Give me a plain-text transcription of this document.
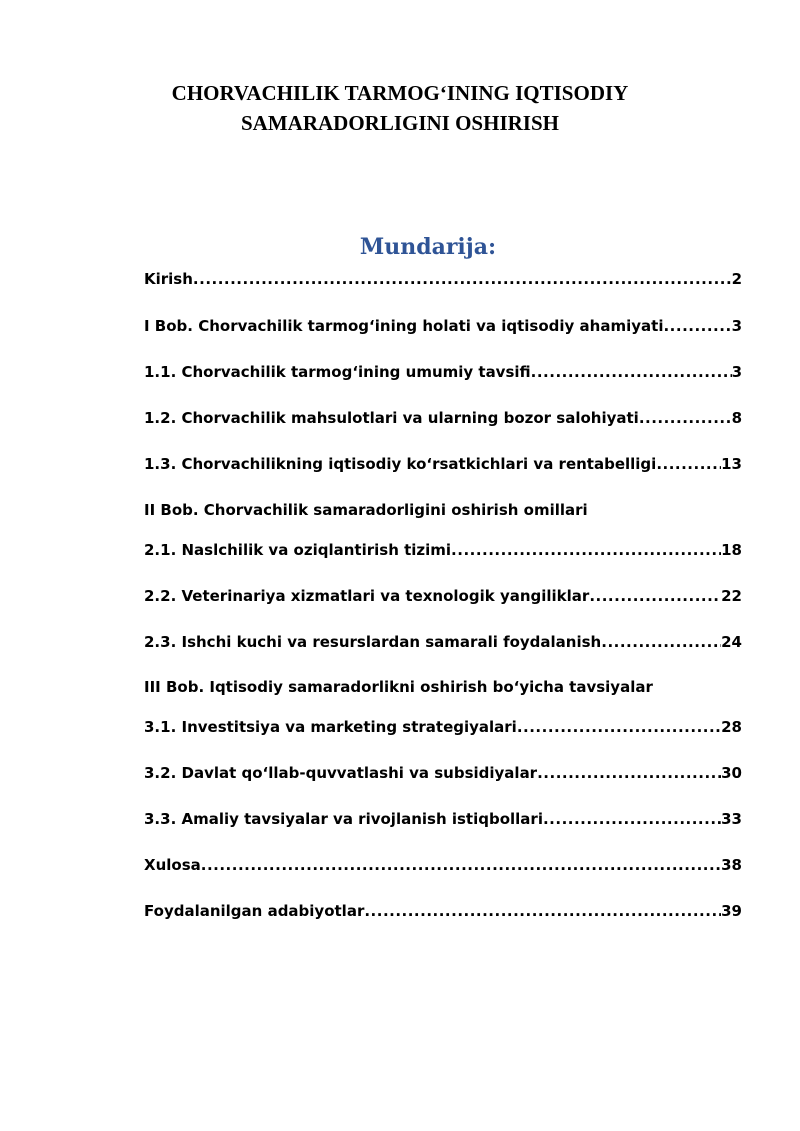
CHORVACHILIK TARMOG‘INING IQTISODIY
SAMARADORLIGINI OSHIRISH
Mundarija:
Kirish .....	2
I Bob. Chorvachilik tarmog‘ining holati va iqtisodiy ahamiyati .....	3
1.1. Chorvachilik tarmog‘ining umumiy tavsifi .....	3
1.2. Chorvachilik mahsulotlari va ularning bozor salohiyati .....	8
1.3. Chorvachilikning iqtisodiy ko‘rsatkichlari va rentabelligi .....	13
II Bob. Chorvachilik samaradorligini oshirish omillari
2.1. Naslchilik va oziqlantirish tizimi .....	18
2.2. Veterinariya xizmatlari va texnologik yangiliklar .....	22
2.3. Ishchi kuchi va resurslardan samarali foydalanish .....	24
III Bob. Iqtisodiy samaradorlikni oshirish bo‘yicha tavsiyalar
3.1. Investitsiya va marketing strategiyalari .....	28
3.2. Davlat qo‘llab-quvvatlashi va subsidiyalar .....	30
3.3. Amaliy tavsiyalar va rivojlanish istiqbollari .....	33
Xulosa .....	38
Foydalanilgan adabiyotlar .....	39
